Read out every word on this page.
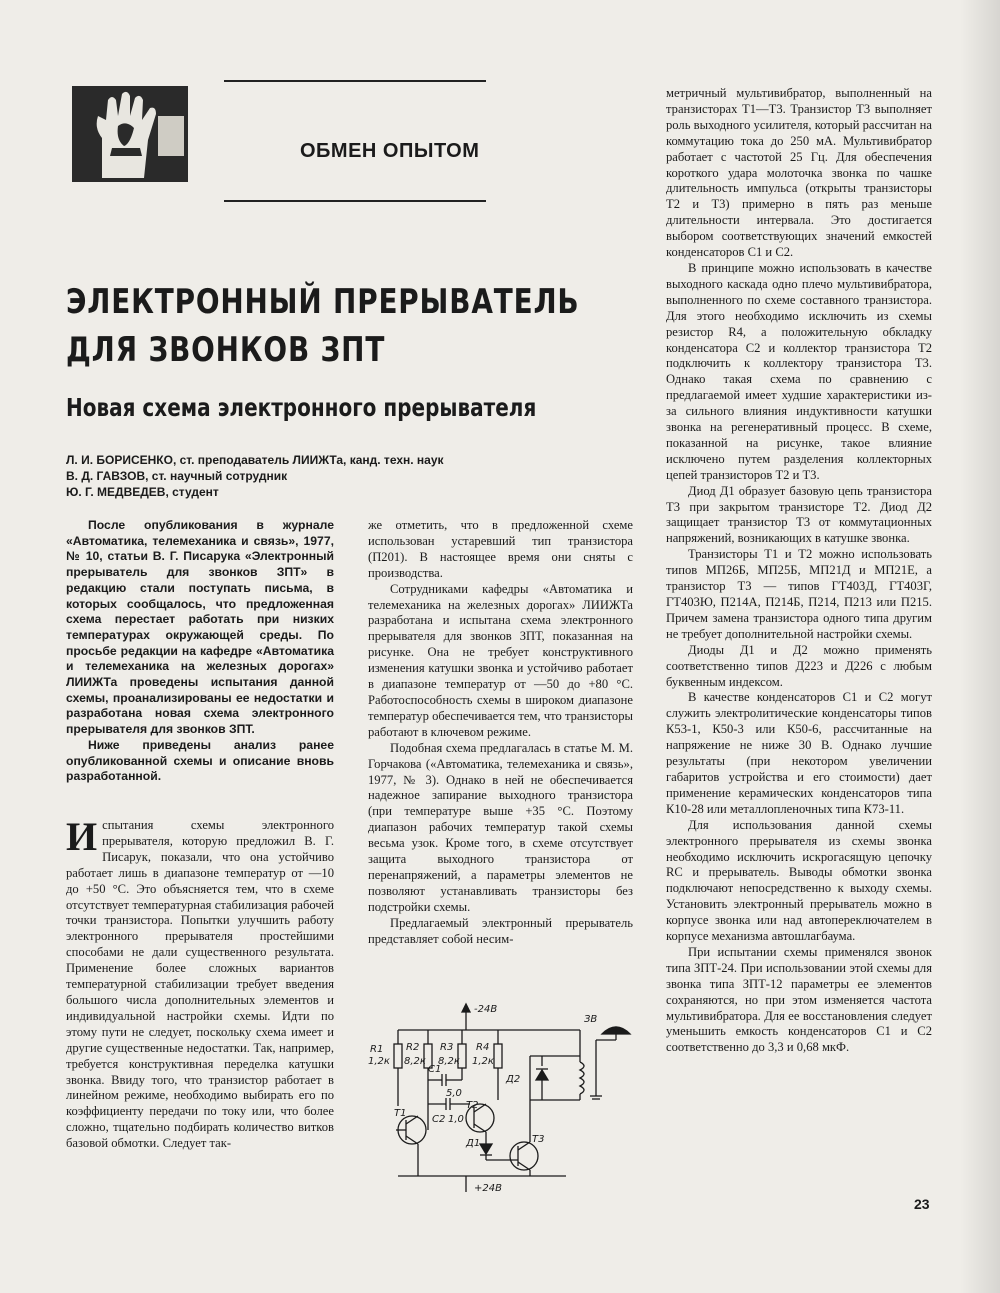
ОБМЕН ОПЫТОМ
ЭЛЕКТРОННЫЙ ПРЕРЫВАТЕЛЬ
ДЛЯ ЗВОНКОВ ЗПТ
Новая схема электронного прерывателя
Л. И. БОРИСЕНКО, ст. преподаватель ЛИИЖТа, канд. техн. наук
В. Д. ГАВЗОВ, ст. научный сотрудник
Ю. Г. МЕДВЕДЕВ, студент

После опубликования в журнале «Автоматика, телемеханика и связь», 1977, № 10, статьи В. Г. Писарука «Электронный прерыватель для звонков ЗПТ» в редакцию стали поступать письма, в которых сообщалось, что предложенная схема перестает работать при низких температурах окружающей среды. По просьбе редакции на кафедре «Автоматика и телемеханика на железных дорогах» ЛИИЖТа проведены испытания данной схемы, проанализированы ее недостатки и разработана новая схема электронного прерывателя для звонков ЗПТ.

Ниже приведены анализ ранее опубликованной схемы и описание вновь разработанной.

Испытания схемы электронного прерывателя, которую предложил В. Г. Писарук, показали, что она устойчиво работает лишь в диапазоне температур от —10 до +50 °С. Это объясняется тем, что в схеме отсутствует температурная стабилизация рабочей точки транзистора. Попытки улучшить работу электронного прерывателя простейшими способами не дали существенного результата. Применение более сложных вариантов температурной стабилизации требует введения большого числа дополнительных элементов и индивидуальной настройки схемы. Идти по этому пути не следует, поскольку схема имеет и другие существенные недостатки. Так, например, требуется конструктивная переделка катушки звонка. Ввиду того, что транзистор работает в линейном режиме, необходимо выбирать его по коэффициенту передачи по току или, что более сложно, тщательно подбирать количество витков базовой обмотки. Следует так-

же отметить, что в предложенной схеме использован устаревший тип транзистора (П201). В настоящее время они сняты с производства.

Сотрудниками кафедры «Автоматика и телемеханика на железных дорогах» ЛИИЖТа разработана и испытана схема электронного прерывателя для звонков ЗПТ, показанная на рисунке. Она не требует конструктивного изменения катушки звонка и устойчиво работает в диапазоне температур от —50 до +80 °С. Работоспособность схемы в широком диапазоне температур обеспечивается тем, что транзисторы работают в ключевом режиме.

Подобная схема предлагалась в статье М. М. Горчакова («Автоматика, телемеханика и связь», 1977, № 3). Однако в ней не обеспечивается надежное запирание выходного транзистора (при температуре выше +35 °С. Поэтому диапазон рабочих температур такой схемы весьма узок. Кроме того, в схеме отсутствует защита выходного транзистора от перенапряжений, а параметры элементов не позволяют устанавливать транзисторы без подстройки схемы.

Предлагаемый электронный прерыватель представляет собой несим-

метричный мультивибратор, выполненный на транзисторах Т1—Т3. Транзистор Т3 выполняет роль выходного усилителя, который рассчитан на коммутацию тока до 250 мА. Мультивибратор работает с частотой 25 Гц. Для обеспечения короткого удара молоточка звонка по чашке длительность импульса (открыты транзисторы Т2 и Т3) примерно в пять раз меньше длительности интервала. Это достигается выбором соответствующих значений емкостей конденсаторов С1 и С2.

В принципе можно использовать в качестве выходного каскада одно плечо мультивибратора, выполненного по схеме составного транзистора. Для этого необходимо исключить из схемы резистор R4, а положительную обкладку конденсатора С2 и коллектор транзистора Т2 подключить к коллектору транзистора Т3. Однако такая схема по сравнению с предлагаемой имеет худшие характеристики из-за сильного влияния индуктивности катушки звонка на регенеративный процесс. В схеме, показанной на рисунке, такое влияние исключено путем разделения коллекторных цепей транзисторов Т2 и Т3.

Диод Д1 образует базовую цепь транзистора Т3 при закрытом транзисторе Т2. Диод Д2 защищает транзистор Т3 от коммутационных напряжений, возникающих в катушке звонка.

Транзисторы Т1 и Т2 можно использовать типов МП26Б, МП25Б, МП21Д и МП21Е, а транзистор Т3 — типов ГТ403Д, ГТ403Г, ГТ403Ю, П214А, П214Б, П214, П213 или П215. Причем замена транзистора одного типа другим не требует дополнительной настройки схемы.

Диоды Д1 и Д2 можно применять соответственно типов Д223 и Д226 с любым буквенным индексом.

В качестве конденсаторов С1 и С2 могут служить электролитические конденсаторы типов К53-1, К50-3 или К50-6, рассчитанные на напряжение не ниже 30 В. Однако лучшие результаты (при некотором увеличении габаритов устройства и его стоимости) дает применение керамических конденсаторов типа К10-28 или металлопленочных типа К73-11.

Для использования данной схемы электронного прерывателя из схемы звонка необходимо исключить искрогасящую цепочку RC и прерыватель. Выводы обмотки звонка подключают непосредственно к выходу схемы. Установить электронный прерыватель можно в корпусе звонка или над автопереключателем в корпусе механизма автошлагбаума.

При испытании схемы применялся звонок типа ЗПТ-24. При использовании этой схемы для звонка типа ЗПТ-12 параметры ее элементов сохраняются, но при этом изменяется частота мультивибратора. Для ее восстановления следует уменьшить емкость конденсаторов С1 и С2 соответственно до 3,3 и 0,68 мкФ.

-24В
+24В
R1
1,2к
R2
8,2к
R3
8,2к
R4
1,2к
C1
5,0
C2 1,0
T1
T2
T3
Д1
Д2
ЗВ
23
